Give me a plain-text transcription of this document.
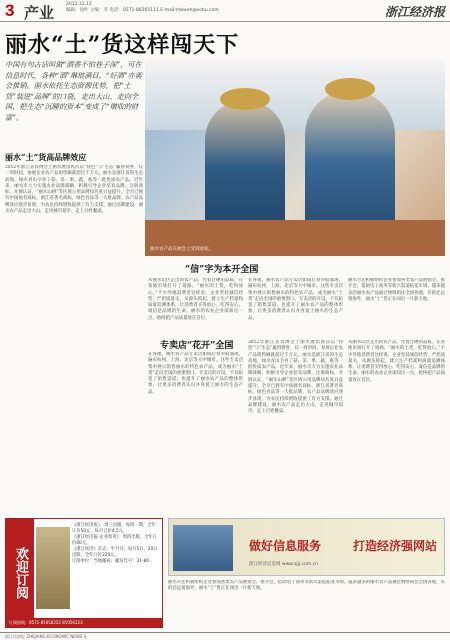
3 产业	2012.12.12
编辑：徐叶 主编：李 电话：0571-86565111 E-mail:mbweh@sohu.com	浙江经济报
丽水“土”货这样闯天下
中国有句古话叫做“酒香不怕巷子深”，可在信息时代，各种“酒”琳琅满目，“好酒”亦需会推销。丽水依托生态资源优势，把“土货”装进“品牌”的口袋，走出大山、走向全国，把生态“沉睡的资本”变成了“增收的财富”。
丽水农产品在展会上受到欢迎。
丽水“土”货高品牌效应
2012年浙江省农博会上丽水展馆再次以“特色”与“生态”赢得赞誉，仅一周时间，参展企业农产品销售额就超过千万元。丽水是浙江省的生态高地，绿水青山孕育了菇、茶、果、蔬、畜等一批优质农产品。近年来，丽水市大力实施农业品牌战略，积极引导企业培育品牌，注册商标、开展认证，“丽水山耕”等区域公用品牌知名度日益提升。全市已拥有中国驰名商标、浙江省著名商标、绿色食品等一大批品牌，农产品品牌效应逐步显现，为农民持续增收提供了有力支撑。通过品牌建设，丽水农产品走出大山，走进城市超市、走上百姓餐桌。
“信”字为本开全国
从丽水山区走出的农产品，凭着过硬的品质，在各地市场打开了销路。“丽水的土货，吃得放心。”不少外地消费者这样说。企业坚持诚信经营，严把质量关，从源头抓起，建立生产档案和质量追溯体系，让消费者买得放心、吃得安心。诚信是品牌的生命，丽水的农业企业深知这一点，始终把产品质量放在首位。
在各地，丽水农产品专卖店如雨后春笋般涌现，遍布杭州、上海、北京等大中城市。这些专卖店集中展示销售丽水的特色农产品，成为丽水“土货”走向全国的重要窗口。专卖店的开设，不仅拓宽了销售渠道，也提升了丽水农产品的整体形象，让更多消费者认识并喜爱上丽水的生态产品。
丽水市还积极组织企业参加各类农产品展销会、推介会，借助电子商务等新兴渠道拓宽市场。越来越多的丽水农产品通过网络销往全国各地，有的还远销海外，丽水“土”货正在闯出一片新天地。
专卖店“花开”全国
在各地，丽水农产品专卖店如雨后春笋般涌现，遍布杭州、上海、北京等大中城市。这些专卖店集中展示销售丽水的特色农产品，成为丽水“土货”走向全国的重要窗口。专卖店的开设，不仅拓宽了销售渠道，也提升了丽水农产品的整体形象，让更多消费者认识并喜爱上丽水的生态产品。
2012年浙江省农博会上丽水展馆再次以“特色”与“生态”赢得赞誉，仅一周时间，参展企业农产品销售额就超过千万元。丽水是浙江省的生态高地，绿水青山孕育了菇、茶、果、蔬、畜等一批优质农产品。近年来，丽水市大力实施农业品牌战略，积极引导企业培育品牌，注册商标、开展认证，“丽水山耕”等区域公用品牌知名度日益提升。全市已拥有中国驰名商标、浙江省著名商标、绿色食品等一大批品牌，农产品品牌效应逐步显现，为农民持续增收提供了有力支撑。通过品牌建设，丽水农产品走出大山，走进城市超市、走上百姓餐桌。
从丽水山区走出的农产品，凭着过硬的品质，在各地市场打开了销路。“丽水的土货，吃得放心。”不少外地消费者这样说。企业坚持诚信经营，严把质量关，从源头抓起，建立生产档案和质量追溯体系，让消费者买得放心、吃得安心。诚信是品牌的生命，丽水的农业企业深知这一点，始终把产品质量放在首位。
欢迎订阅

《浙江经济报》：周三出版，每周一期，全年订价50元，每月订价4.5元。

《浙江经济报·企业周刊》：周四出版，全年订价40元。

《浙江经济》杂志：半月刊，每月5日、20日出版，全年订价220元。

订阅单位：当地邮局；邮发代号：31-80

订阅热线：0571-85056222 85056223
做好信息服务	打造经济强网站
浙江经济信息网 www.zjjj.com.cn
丽水市还积极组织企业参加各类农产品展销会、推介会，借助电子商务等新兴渠道拓宽市场。越来越多的丽水农产品通过网络销往全国各地，有的还远销海外，丽水“土”货正在闯出一片新天地。
浙江经济报 ZHEJIANG ECONOMIC NEWS 3
